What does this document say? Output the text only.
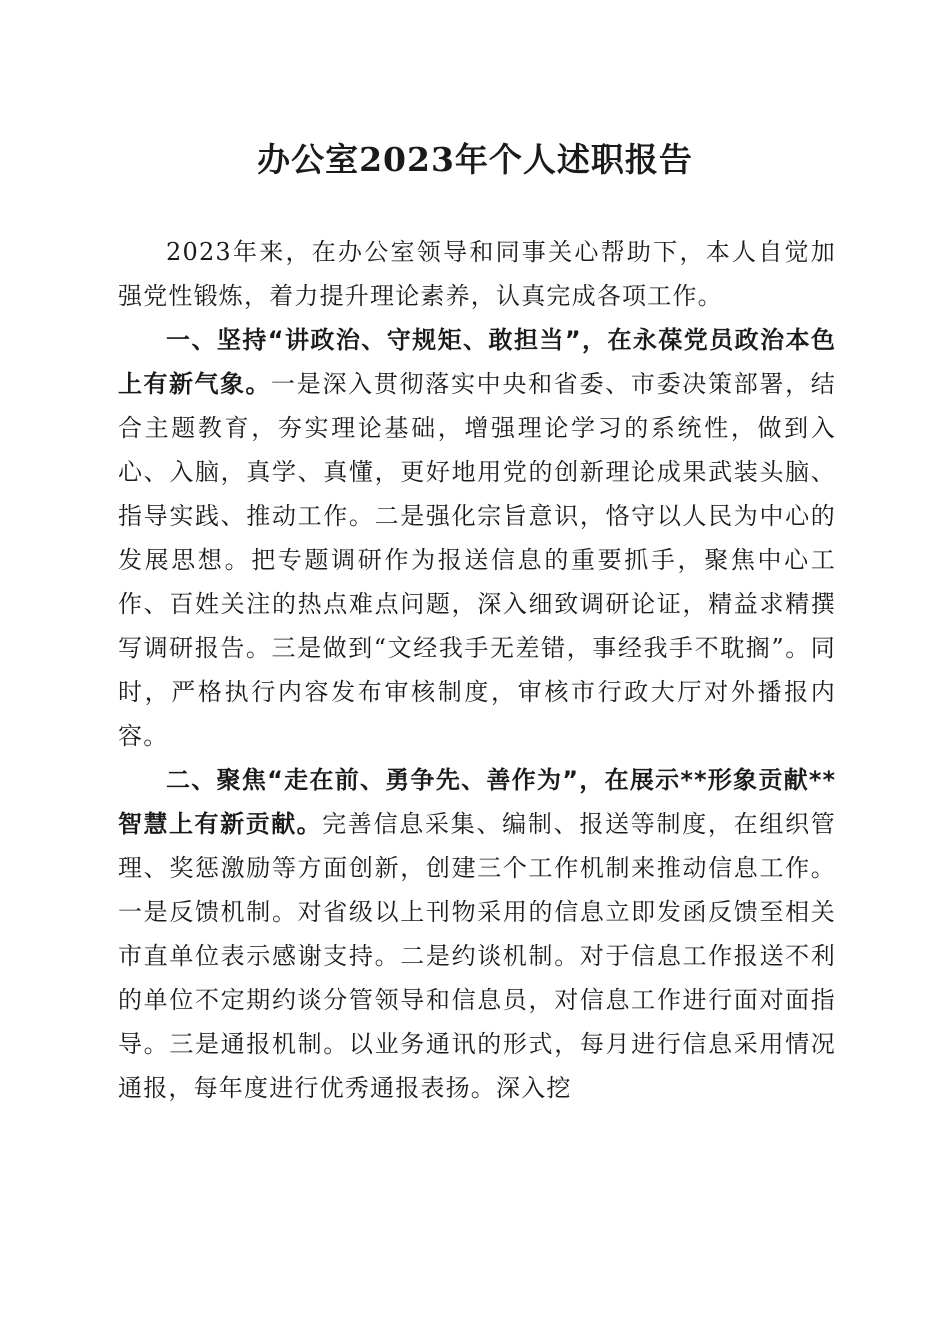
办公室2023年个人述职报告

2023年来，在办公室领导和同事关心帮助下，本人自觉加强党性锻炼，着力提升理论素养，认真完成各项工作。

一、坚持“讲政治、守规矩、敢担当”，在永葆党员政治本色上有新气象。一是深入贯彻落实中央和省委、市委决策部署，结合主题教育，夯实理论基础，增强理论学习的系统性，做到入心、入脑，真学、真懂，更好地用党的创新理论成果武装头脑、指导实践、推动工作。二是强化宗旨意识，恪守以人民为中心的发展思想。把专题调研作为报送信息的重要抓手，聚焦中心工作、百姓关注的热点难点问题，深入细致调研论证，精益求精撰写调研报告。三是做到“文经我手无差错，事经我手不耽搁”。同时，严格执行内容发布审核制度，审核市行政大厅对外播报内容。

二、聚焦“走在前、勇争先、善作为”，在展示**形象贡献**智慧上有新贡献。完善信息采集、编制、报送等制度，在组织管理、奖惩激励等方面创新，创建三个工作机制来推动信息工作。一是反馈机制。对省级以上刊物采用的信息立即发函反馈至相关市直单位表示感谢支持。二是约谈机制。对于信息工作报送不利的单位不定期约谈分管领导和信息员，对信息工作进行面对面指导。三是通报机制。以业务通讯的形式，每月进行信息采用情况通报，每年度进行优秀通报表扬。深入挖
